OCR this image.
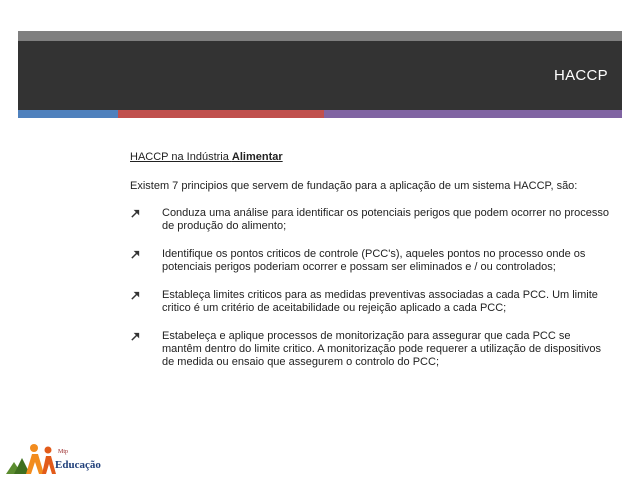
HACCP

HACCP na Indústria Alimentar

Existem 7 principios que servem de fundação para a aplicação de um sistema HACCP, são:

Conduza uma análise para identificar os potenciais perigos que podem ocorrer no processo de produção do alimento;
Identifique os pontos criticos de controle (PCC's), aqueles pontos no processo onde os potenciais perigos poderiam ocorrer e possam ser eliminados e / ou controlados;
Estableça limites criticos para as medidas preventivas associadas a cada PCC. Um limite critico é um critério de aceitabilidade ou rejeição aplicado a cada PCC;
Estabeleça e aplique processos de monitorização para assegurar que cada PCC se mantêm dentro do limite critico. A monitorização pode requerer a utilização de dispositivos de medida ou ensaio que assegurem o controlo do PCC;
Mtp
Educação
